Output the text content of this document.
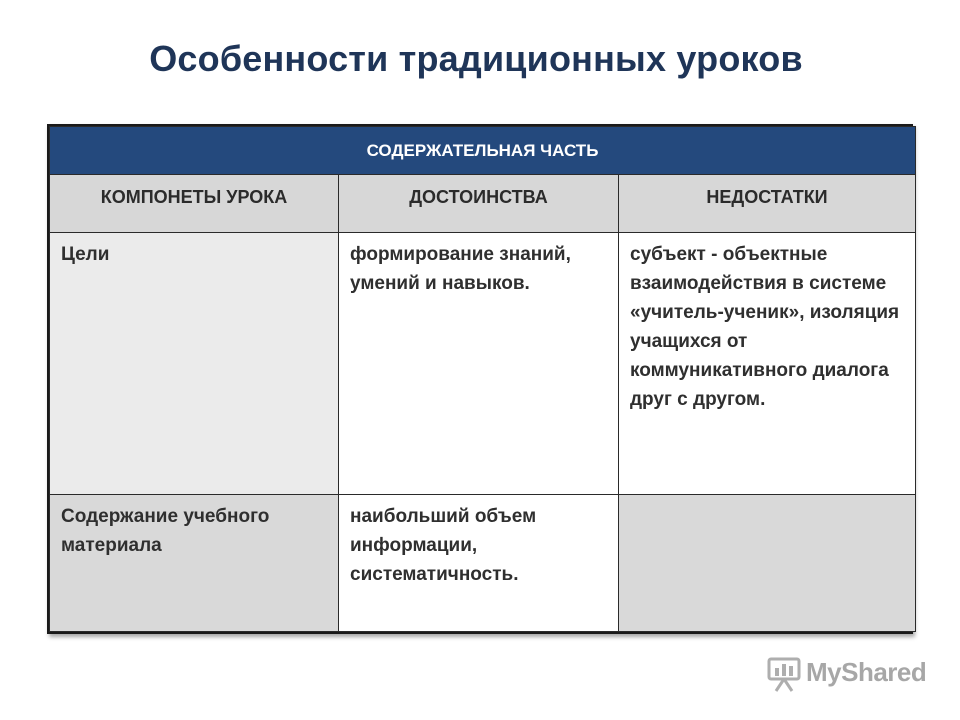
Особенности традиционных уроков
СОДЕРЖАТЕЛЬНАЯ ЧАСТЬ		
КОМПОНЕТЫ УРОКА	ДОСТОИНСТВА	НЕДОСТАТКИ

Цели	формирование знаний, умений и навыков.	субъект - объектные взаимодействия в системе «учитель-ученик», изоляция учащихся от коммуникативного диалога друг с другом.

Содержание учебного материала	наибольший объем информации, систематичность.	

MyShared
